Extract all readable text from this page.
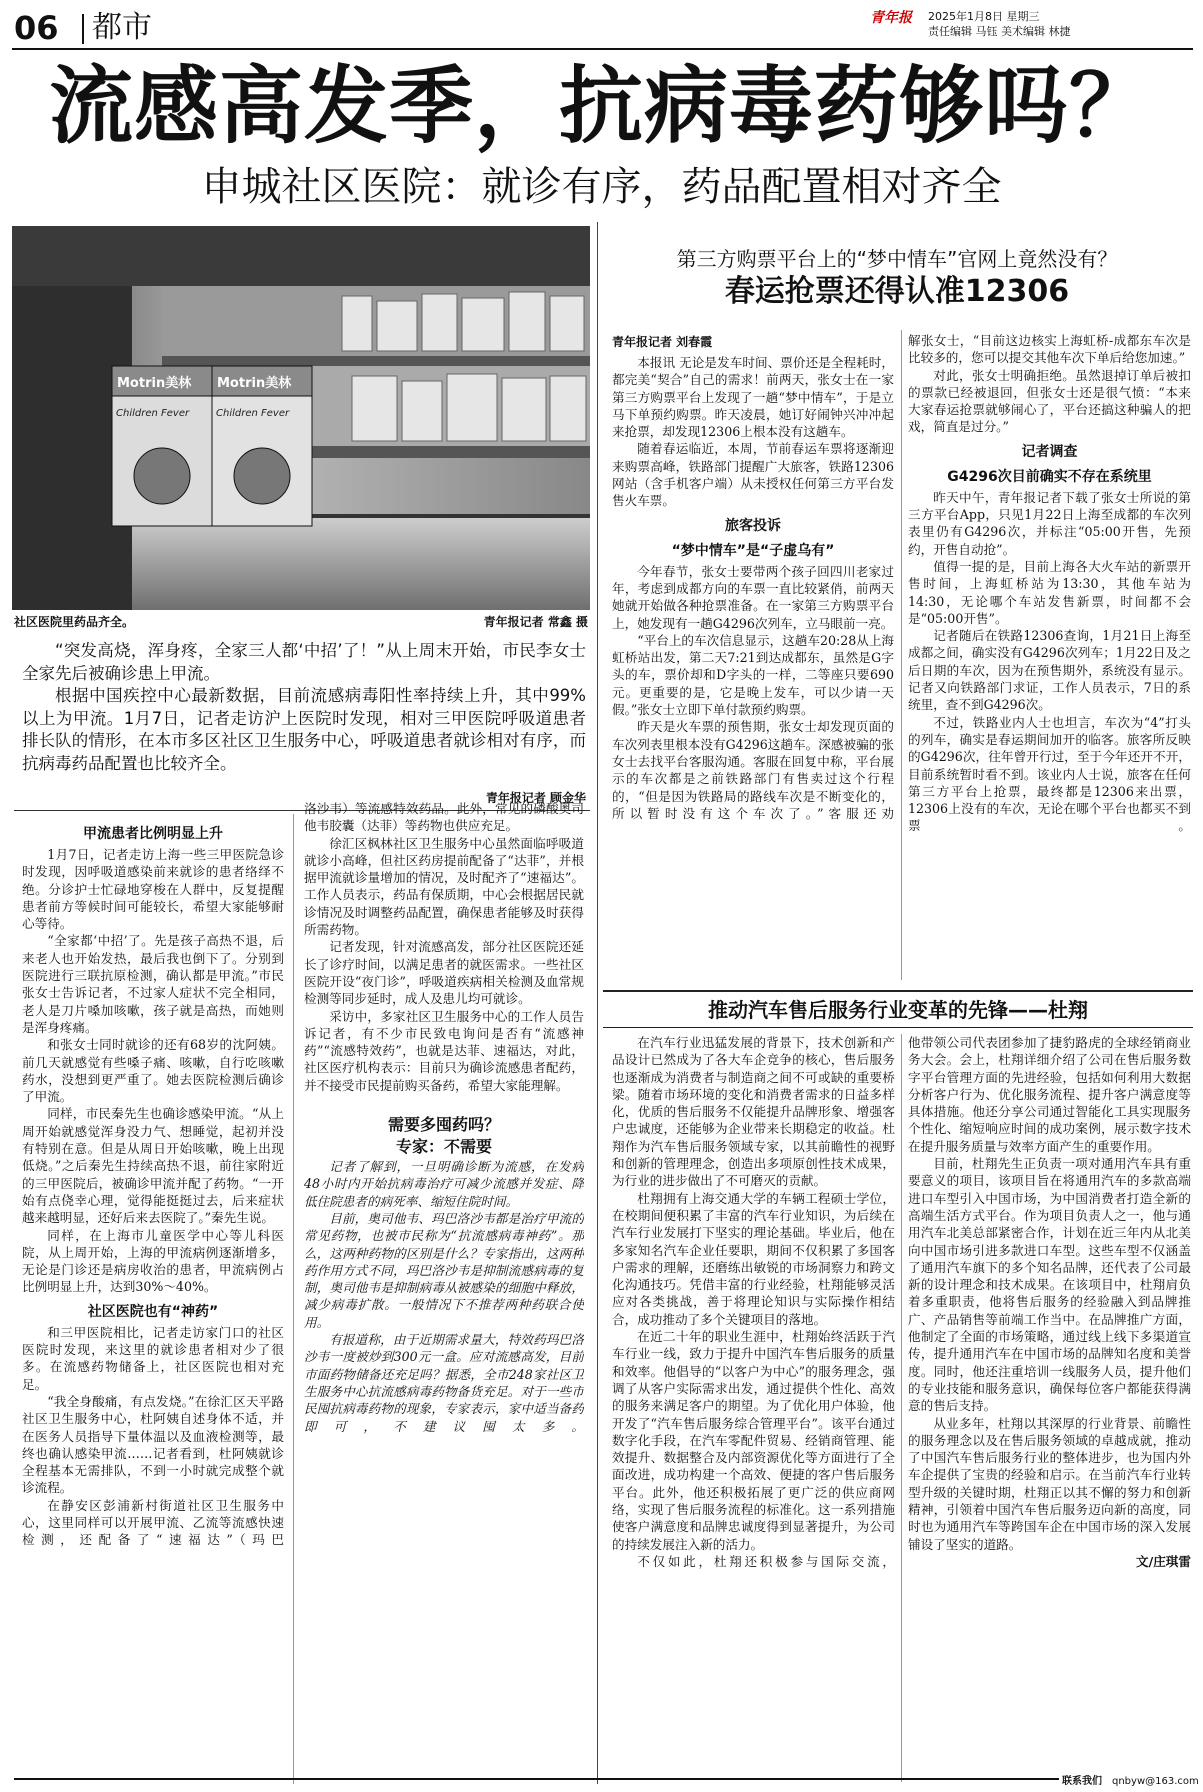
06 都市	青年报 2025年1月8日 星期三
责任编辑 马钰 美术编辑 林捷
流感高发季，抗病毒药够吗？
申城社区医院：就诊有序，药品配置相对齐全
Motrin美林 Motrin美林
Children Fever	Children Fever
社区医院里药品齐全。	青年报记者 常鑫 摄

“突发高烧，浑身疼，全家三人都‘中招’了！”从上周末开始，市民李女士全家先后被确诊患上甲流。

根据中国疾控中心最新数据，目前流感病毒阳性率持续上升，其中99%以上为甲流。1月7日，记者走访沪上医院时发现，相对三甲医院呼吸道患者排长队的情形，在本市多区社区卫生服务中心，呼吸道患者就诊相对有序，而抗病毒药品配置也比较齐全。

青年报记者 顾金华
甲流患者比例明显上升

1月7日，记者走访上海一些三甲医院急诊时发现，因呼吸道感染前来就诊的患者络绎不绝。分诊护士忙碌地穿梭在人群中，反复提醒患者前方等候时间可能较长，希望大家能够耐心等待。

“全家都‘中招’了。先是孩子高热不退，后来老人也开始发热，最后我也倒下了。分别到医院进行三联抗原检测，确认都是甲流。”市民张女士告诉记者，不过家人症状不完全相同，老人是刀片嗓加咳嗽，孩子就是高热，而她则是浑身疼痛。

和张女士同时就诊的还有68岁的沈阿姨。前几天就感觉有些嗓子痛、咳嗽，自行吃咳嗽药水，没想到更严重了。她去医院检测后确诊了甲流。

同样，市民秦先生也确诊感染甲流。“从上周开始就感觉浑身没力气、想睡觉，起初并没有特别在意。但是从周日开始咳嗽，晚上出现低烧。”之后秦先生持续高热不退，前往家附近的三甲医院后，被确诊甲流并配了药物。“一开始有点侥幸心理，觉得能挺挺过去，后来症状越来越明显，还好后来去医院了。”秦先生说。

同样，在上海市儿童医学中心等儿科医院，从上周开始，上海的甲流病例逐渐增多，无论是门诊还是病房收治的患者，甲流病例占比例明显上升，达到30%～40%。

社区医院也有“神药”

和三甲医院相比，记者走访家门口的社区医院时发现，来这里的就诊患者相对少了很多。在流感药物储备上，社区医院也相对充足。

“我全身酸痛，有点发烧。”在徐汇区天平路社区卫生服务中心，杜阿姨自述身体不适，并在医务人员指导下量体温以及血液检测等，最终也确认感染甲流……记者看到，杜阿姨就诊全程基本无需排队，不到一小时就完成整个就诊流程。

在静安区彭浦新村街道社区卫生服务中心，这里同样可以开展甲流、乙流等流感快速检测，还配备了“速福达”（玛巴

洛沙韦）等流感特效药品。此外，常见的磷酸奥司他韦胶囊（达菲）等药物也供应充足。

徐汇区枫林社区卫生服务中心虽然面临呼吸道就诊小高峰，但社区药房提前配备了“达菲”，并根据甲流就诊量增加的情况，及时配齐了“速福达”。工作人员表示，药品有保质期，中心会根据居民就诊情况及时调整药品配置，确保患者能够及时获得所需药物。

记者发现，针对流感高发，部分社区医院还延长了诊疗时间，以满足患者的就医需求。一些社区医院开设“夜门诊”，呼吸道疾病相关检测及血常规检测等同步延时，成人及患儿均可就诊。

采访中，多家社区卫生服务中心的工作人员告诉记者，有不少市民致电询问是否有“流感神药”“流感特效药”，也就是达菲、速福达，对此，社区医疗机构表示：目前只为确诊流感患者配药，并不接受市民提前购买备药，希望大家能理解。

需要多囤药吗？
专家：不需要

记者了解到，一旦明确诊断为流感，在发病48小时内开始抗病毒治疗可减少流感并发症、降低住院患者的病死率、缩短住院时间。

目前，奥司他韦、玛巴洛沙韦都是治疗甲流的常见药物，也被市民称为“抗流感病毒神药”。那么，这两种药物的区别是什么？专家指出，这两种药作用方式不同，玛巴洛沙韦是抑制流感病毒的复制，奥司他韦是抑制病毒从被感染的细胞中释放，减少病毒扩散。一般情况下不推荐两种药联合使用。

有报道称，由于近期需求量大，特效药玛巴洛沙韦一度被炒到300元一盒。应对流感高发，目前市面药物储备还充足吗？据悉，全市248家社区卫生服务中心抗流感病毒药物备货充足。对于一些市民囤抗病毒药物的现象，专家表示，家中适当备药即可，不建议囤太多。

第三方购票平台上的“梦中情车”官网上竟然没有？
春运抢票还得认准12306
青年报记者 刘春霞

本报讯 无论是发车时间、票价还是全程耗时，都完美“契合”自己的需求！前两天，张女士在一家第三方购票平台上发现了一趟“梦中情车”，于是立马下单预约购票。昨天凌晨，她订好闹钟兴冲冲起来抢票，却发现12306上根本没有这趟车。

随着春运临近，本周，节前春运车票将逐渐迎来购票高峰，铁路部门提醒广大旅客，铁路12306网站（含手机客户端）从未授权任何第三方平台发售火车票。

旅客投诉
“梦中情车”是“子虚乌有”

今年春节，张女士要带两个孩子回四川老家过年，考虑到成都方向的车票一直比较紧俏，前两天她就开始做各种抢票准备。在一家第三方购票平台上，她发现有一趟G4296次列车，立马眼前一亮。

“平台上的车次信息显示，这趟车20:28从上海虹桥站出发，第二天7:21到达成都东，虽然是G字头的车，票价却和D字头的一样，二等座只要690元。更重要的是，它是晚上发车，可以少请一天假。”张女士立即下单付款预约购票。

昨天是火车票的预售期，张女士却发现页面的车次列表里根本没有G4296这趟车。深感被骗的张女士去找平台客服沟通。客服在回复中称，平台展示的车次都是之前铁路部门有售卖过这个行程的，“但是因为铁路局的路线车次是不断变化的，所以暂时没有这个车次了。”客服还劝

解张女士，“目前这边核实上海虹桥-成都东车次是比较多的，您可以提交其他车次下单后给您加速。”

对此，张女士明确拒绝。虽然退掉订单后被扣的票款已经被退回，但张女士还是很气愤：“本来大家春运抢票就够闹心了，平台还搞这种骗人的把戏，简直是过分。”

记者调查
G4296次目前确实不存在系统里

昨天中午，青年报记者下载了张女士所说的第三方平台App，只见1月22日上海至成都的车次列表里仍有G4296次，并标注“05:00开售，先预约，开售自动抢”。

值得一提的是，目前上海各大火车站的新票开售时间，上海虹桥站为13:30，其他车站为14:30，无论哪个车站发售新票，时间都不会是“05:00开售”。

记者随后在铁路12306查询，1月21日上海至成都之间，确实没有G4296次列车；1月22日及之后日期的车次，因为在预售期外，系统没有显示。记者又向铁路部门求证，工作人员表示，7日的系统里，查不到G4296次。

不过，铁路业内人士也坦言，车次为“4”打头的列车，确实是春运期间加开的临客。旅客所反映的G4296次，往年曾开行过，至于今年还开不开，目前系统暂时看不到。该业内人士说，旅客在任何第三方平台上抢票，最终都是12306来出票，12306上没有的车次，无论在哪个平台也都买不到票。

推动汽车售后服务行业变革的先锋——杜翔

在汽车行业迅猛发展的背景下，技术创新和产品设计已然成为了各大车企竞争的核心，售后服务也逐渐成为消费者与制造商之间不可或缺的重要桥梁。随着市场环境的变化和消费者需求的日益多样化，优质的售后服务不仅能提升品牌形象、增强客户忠诚度，还能够为企业带来长期稳定的收益。杜翔作为汽车售后服务领域专家，以其前瞻性的视野和创新的管理理念，创造出多项原创性技术成果，为行业的进步做出了不可磨灭的贡献。

杜翔拥有上海交通大学的车辆工程硕士学位，在校期间便积累了丰富的汽车行业知识，为后续在汽车行业发展打下坚实的理论基础。毕业后，他在多家知名汽车企业任要职，期间不仅积累了多国客户需求的理解，还磨练出敏锐的市场洞察力和跨文化沟通技巧。凭借丰富的行业经验，杜翔能够灵活应对各类挑战，善于将理论知识与实际操作相结合，成功推动了多个关键项目的落地。

在近二十年的职业生涯中，杜翔始终活跃于汽车行业一线，致力于提升中国汽车售后服务的质量和效率。他倡导的“以客户为中心”的服务理念，强调了从客户实际需求出发，通过提供个性化、高效的服务来满足客户的期望。为了优化用户体验，他开发了“汽车售后服务综合管理平台”。该平台通过数字化手段，在汽车零配件贸易、经销商管理、能效提升、数据整合及内部资源优化等方面进行了全面改进，成功构建一个高效、便捷的客户售后服务平台。此外，他还积极拓展了更广泛的供应商网络，实现了售后服务流程的标准化。这一系列措施使客户满意度和品牌忠诚度得到显著提升，为公司的持续发展注入新的活力。

不仅如此，杜翔还积极参与国际交流，

他带领公司代表团参加了捷豹路虎的全球经销商业务大会。会上，杜翔详细介绍了公司在售后服务数字平台管理方面的先进经验，包括如何利用大数据分析客户行为、优化服务流程、提升客户满意度等具体措施。他还分享公司通过智能化工具实现服务个性化、缩短响应时间的成功案例，展示数字技术在提升服务质量与效率方面产生的重要作用。

目前，杜翔先生正负责一项对通用汽车具有重要意义的项目，该项目旨在将通用汽车的多款高端进口车型引入中国市场，为中国消费者打造全新的高端生活方式平台。作为项目负责人之一，他与通用汽车北美总部紧密合作，计划在近三年内从北美向中国市场引进多款进口车型。这些车型不仅涵盖了通用汽车旗下的多个知名品牌，还代表了公司最新的设计理念和技术成果。在该项目中，杜翔肩负着多重职责，他将售后服务的经验融入到品牌推广、产品销售等前端工作当中。在品牌推广方面，他制定了全面的市场策略，通过线上线下多渠道宣传，提升通用汽车在中国市场的品牌知名度和美誉度。同时，他还注重培训一线服务人员，提升他们的专业技能和服务意识，确保每位客户都能获得满意的售后支持。

从业多年，杜翔以其深厚的行业背景、前瞻性的服务理念以及在售后服务领域的卓越成就，推动了中国汽车售后服务行业的整体进步，也为国内外车企提供了宝贵的经验和启示。在当前汽车行业转型升级的关键时期，杜翔正以其不懈的努力和创新精神，引领着中国汽车售后服务迈向新的高度，同时也为通用汽车等跨国车企在中国市场的深入发展铺设了坚实的道路。

文/庄琪雷
联系我们 qnbyw@163.com
